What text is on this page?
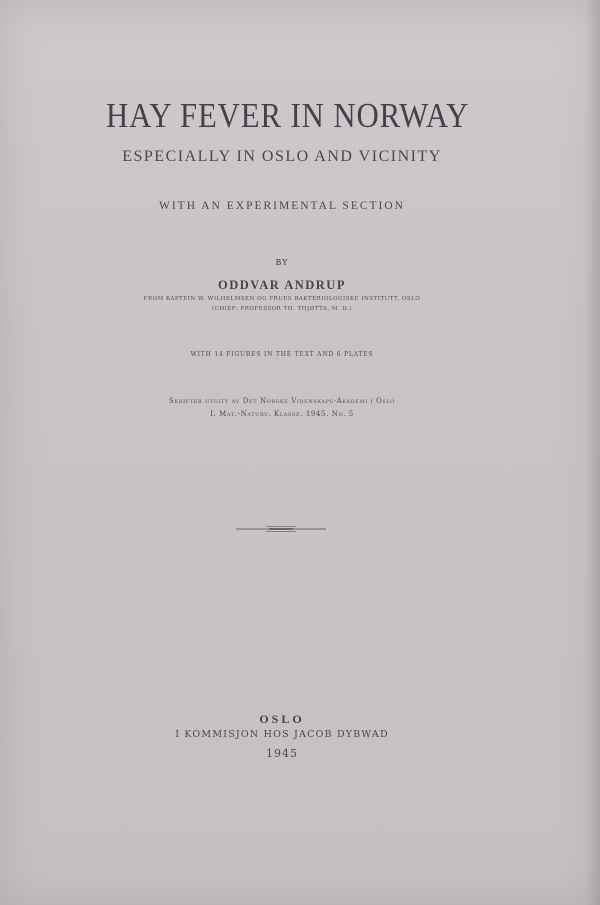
HAY FEVER IN NORWAY
ESPECIALLY IN OSLO AND VICINITY
WITH AN EXPERIMENTAL SECTION
BY
ODDVAR ANDRUP
FROM KAPTEIN W. WILHELMSEN OG FRUES BAKTERIOLOGISKE INSTITUTT, OSLO
(CHIEF: PROFESSOR TH. THJØTTA, M. D.)
WITH 14 FIGURES IN THE TEXT AND 6 PLATES
Skrifter utgitt av Det Norske Videnskaps-Akademi i Oslo
I. Mat.-Naturv. Klasse. 1945. No. 5
OSLO
I KOMMISJON HOS JACOB DYBWAD
1945
